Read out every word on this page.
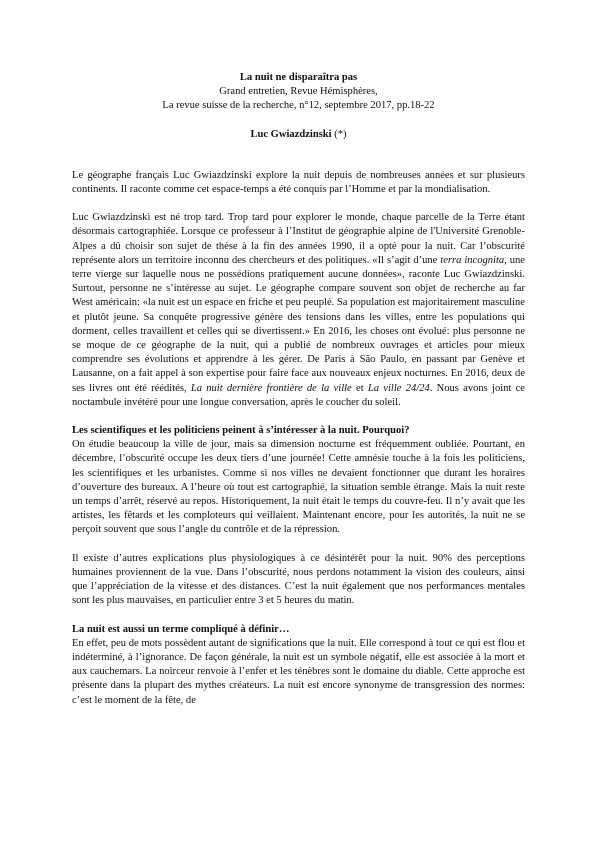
La nuit ne disparaîtra pas

Grand entretien, Revue Hémisphères,

La revue suisse de la recherche, n°12, septembre 2017, pp.18-22

Luc Gwiazdzinski (*)

Le géographe français Luc Gwiazdzinski explore la nuit depuis de nombreuses années et sur plusieurs continents. Il raconte comme cet espace-temps a été conquis par l’Homme et par la mondialisation.

Luc Gwiazdzinski est né trop tard. Trop tard pour explorer le monde, chaque parcelle de la Terre étant désormais cartographiée. Lorsque ce professeur à l’Institut de géographie alpine de l'Université Grenoble-Alpes a dû choisir son sujet de thèse à la fin des années 1990, il a opté pour la nuit. Car l’obscurité représente alors un territoire inconnu des chercheurs et des politiques. «Il s’agit d’une terra incognita, une terre vierge sur laquelle nous ne possédions pratiquement aucune données», raconte Luc Gwiazdzinski. Surtout, personne ne s’intéresse au sujet. Le géographe compare souvent son objet de recherche au far West américain: «la nuit est un espace en friche et peu peuplé. Sa population est majoritairement masculine et plutôt jeune. Sa conquête progressive génère des tensions dans les villes, entre les populations qui dorment, celles travaillent et celles qui se divertissent.» En 2016, les choses ont évolué: plus personne ne se moque de ce géographe de la nuit, qui a publié de nombreux ouvrages et articles pour mieux comprendre ses évolutions et apprendre à les gérer. De Paris à São Paulo, en passant par Genève et Lausanne, on a fait appel à son expertise pour faire face aux nouveaux enjeux nocturnes. En 2016, deux de ses livres ont été réédités, La nuit dernière frontière de la ville et La ville 24/24. Nous avons joint ce noctambule invétéré pour une longue conversation, après le coucher du soleil.

Les scientifiques et les politiciens peinent à s’intéresser à la nuit. Pourquoi?

On étudie beaucoup la ville de jour, mais sa dimension nocturne est fréquemment oubliée. Pourtant, en décembre, l’obscurité occupe les deux tiers d’une journée! Cette amnésie touche à la fois les politiciens, les scientifiques et les urbanistes. Comme si nos villes ne devaient fonctionner que durant les horaires d’ouverture des bureaux. A l’heure où tout est cartographié, la situation semble étrange. Mais la nuit reste un temps d’arrêt, réservé au repos. Historiquement, la nuit était le temps du couvre-feu. Il n’y avait que les artistes, les fêtards et les comploteurs qui veillaient. Maintenant encore, pour les autorités, la nuit ne se perçoit souvent que sous l’angle du contrôle et de la répression.

Il existe d’autres explications plus physiologiques à ce désintérêt pour la nuit. 90% des perceptions humaines proviennent de la vue. Dans l’obscurité, nous perdons notamment la vision des couleurs, ainsi que l’appréciation de la vitesse et des distances. C’est la nuit également que nos performances mentales sont les plus mauvaises, en particulier entre 3 et 5 heures du matin.

La nuit est aussi un terme compliqué à définir…

En effet, peu de mots possèdent autant de significations que la nuit. Elle correspond à tout ce qui est flou et indéterminé, à l’ignorance. De façon générale, la nuit est un symbole négatif, elle est associée à la mort et aux cauchemars. La noirceur renvoie à l’enfer et les ténèbres sont le domaine du diable. Cette approche est présente dans la plupart des mythes créateurs. La nuit est encore synonyme de transgression des normes: c’est le moment de la fête, de
